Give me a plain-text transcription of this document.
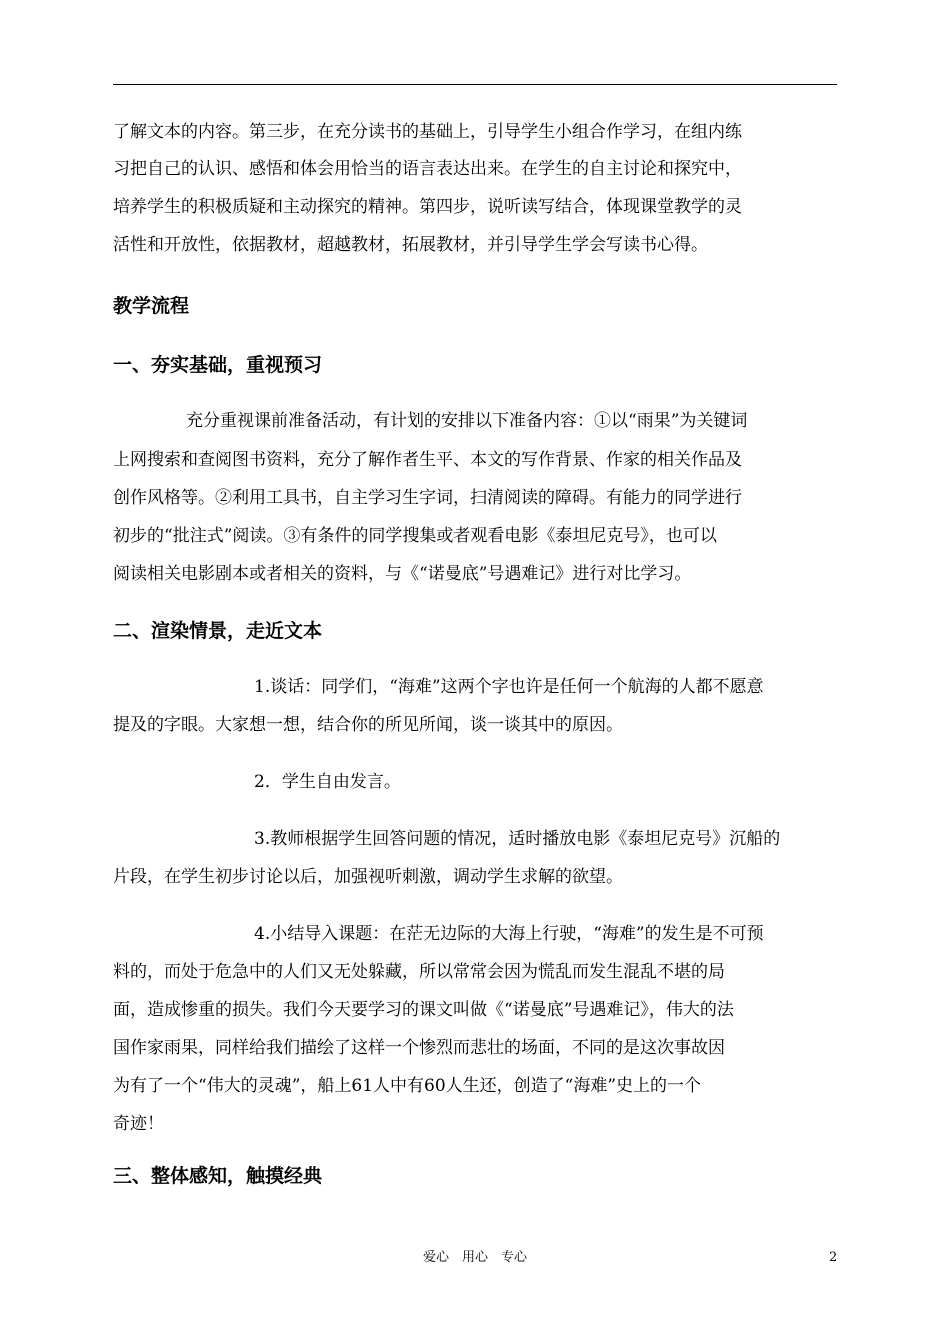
了解文本的内容。第三步，在充分读书的基础上，引导学生小组合作学习，在组内练
习把自己的认识、感悟和体会用恰当的语言表达出来。在学生的自主讨论和探究中，
培养学生的积极质疑和主动探究的精神。第四步，说听读写结合，体现课堂教学的灵
活性和开放性，依据教材，超越教材，拓展教材，并引导学生学会写读书心得。
教学流程
一、夯实基础，重视预习
充分重视课前准备活动，有计划的安排以下准备内容：①以“雨果”为关键词
上网搜索和查阅图书资料，充分了解作者生平、本文的写作背景、作家的相关作品及
创作风格等。②利用工具书，自主学习生字词，扫清阅读的障碍。有能力的同学进行
初步的“批注式”阅读。③有条件的同学搜集或者观看电影《泰坦尼克号》，也可以
阅读相关电影剧本或者相关的资料，与《“诺曼底”号遇难记》进行对比学习。
二、渲染情景，走近文本
1.谈话：同学们，“海难”这两个字也许是任何一个航海的人都不愿意
提及的字眼。大家想一想，结合你的所见所闻，谈一谈其中的原因。
2．学生自由发言。
3.教师根据学生回答问题的情况，适时播放电影《泰坦尼克号》沉船的
片段，在学生初步讨论以后，加强视听刺激，调动学生求解的欲望。
4.小结导入课题：在茫无边际的大海上行驶，“海难”的发生是不可预
料的，而处于危急中的人们又无处躲藏，所以常常会因为慌乱而发生混乱不堪的局
面，造成惨重的损失。我们今天要学习的课文叫做《“诺曼底”号遇难记》，伟大的法
国作家雨果，同样给我们描绘了这样一个惨烈而悲壮的场面，不同的是这次事故因
为有了一个“伟大的灵魂”，船上61人中有60人生还，创造了“海难”史上的一个
奇迹！
三、整体感知，触摸经典
爱心　用心　专心	2
